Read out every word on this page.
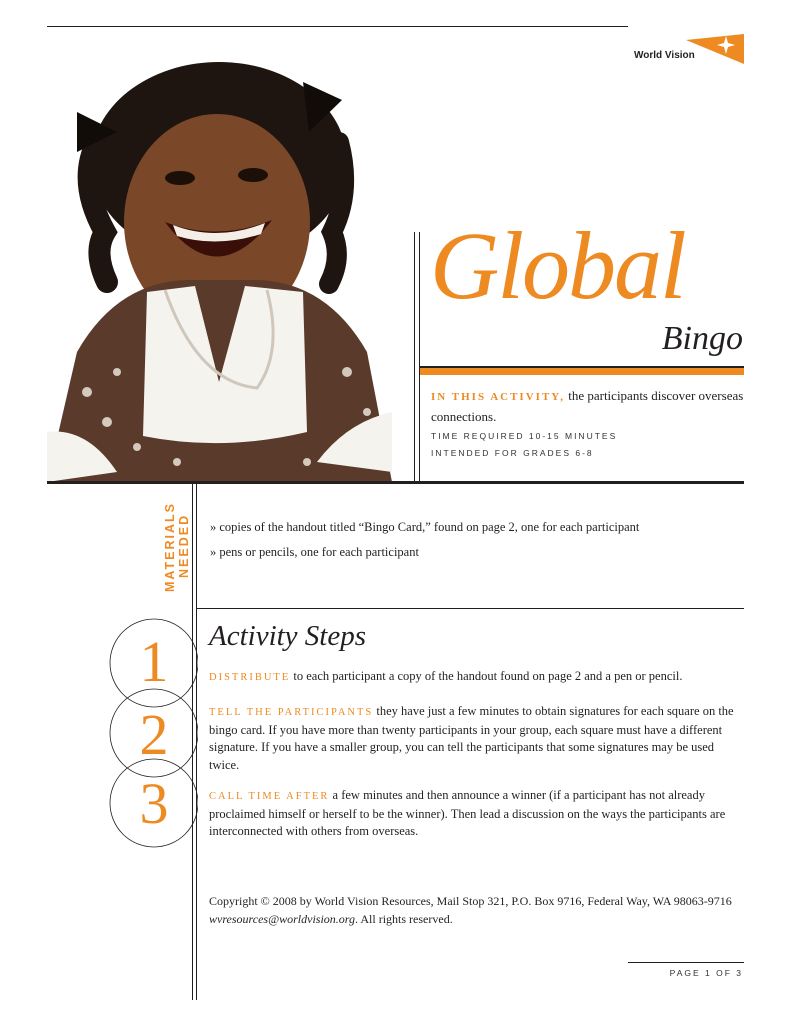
World Vision
Global
Bingo
IN THIS ACTIVITY, the participants discover overseas connections.
TIME REQUIRED 10-15 MINUTES
INTENDED FOR GRADES 6-8
MATERIALS NEEDED » copies of the handout titled “Bingo Card,” found on page 2, one for each participant
» pens or pencils, one for each participant
1
2
3
Activity Steps
DISTRIBUTE to each participant a copy of the handout found on page 2 and a pen or pencil.
TELL THE PARTICIPANTS they have just a few minutes to obtain signatures for each square on the bingo card. If you have more than twenty participants in your group, each square must have a different signature. If you have a smaller group, you can tell the participants that some signatures may be used twice.
CALL TIME AFTER a few minutes and then announce a winner (if a participant has not already proclaimed himself or herself to be the winner). Then lead a discussion on the ways the participants are interconnected with others from overseas.
Copyright © 2008 by World Vision Resources, Mail Stop 321, P.O. Box 9716, Federal Way, WA 98063-9716
wvresources@worldvision.org. All rights reserved.
PAGE 1 OF 3
